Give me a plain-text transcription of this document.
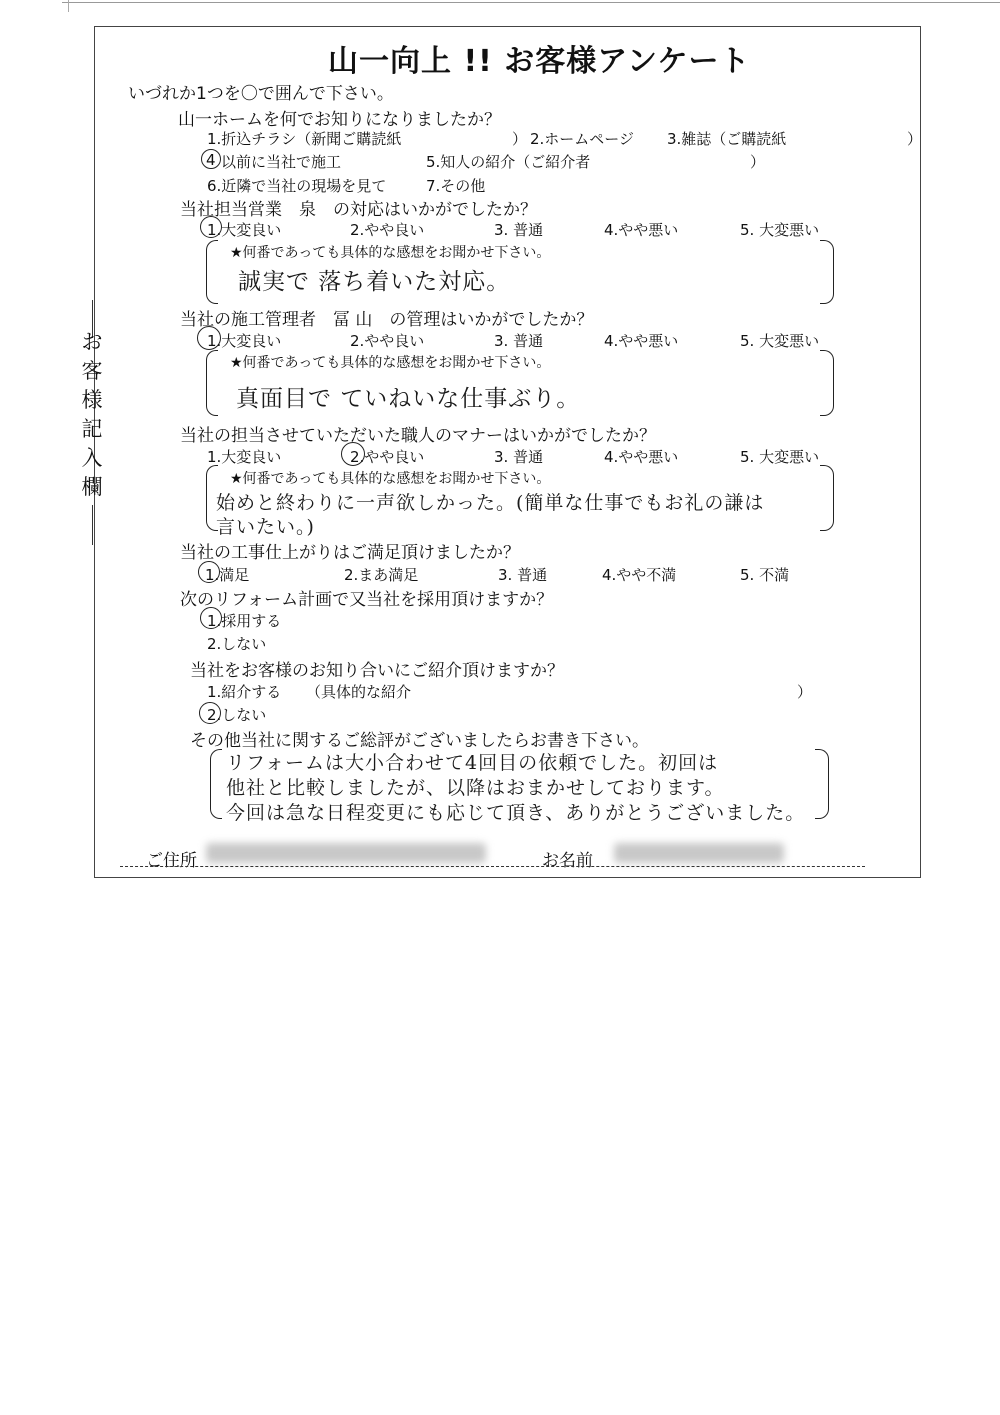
山一向上 !! お客様アンケート
お客様記入欄
いづれか1つを〇で囲んで下さい。
山一ホームを何でお知りになりましたか？
1.折込チラシ（新聞ご購読紙	） 2.ホームページ 3.雑誌（ご購読紙	）
4 以前に当社で施工	5.知人の紹介（ご紹介者	）
6.近隣で当社の現場を見て	7.その他
当社担当営業　泉　の対応はいかがでしたか？
1.大変良い	2.やや良い	3. 普通	4.やや悪い	5. 大変悪い
★何番であっても具体的な感想をお聞かせ下さい。
誠実で 落ち着いた対応。
当社の施工管理者　冨 山　の管理はいかがでしたか？
1.大変良い	2.やや良い	3. 普通	4.やや悪い	5. 大変悪い
★何番であっても具体的な感想をお聞かせ下さい。
真面目で ていねいな仕事ぶり。
当社の担当させていただいた職人のマナーはいかがでしたか？
1.大変良い	2.やや良い	3. 普通	4.やや悪い	5. 大変悪い
★何番であっても具体的な感想をお聞かせ下さい。
始めと終わりに一声欲しかった。(簡単な仕事でもお礼の謙は
言いたい。)
当社の工事仕上がりはご満足頂けましたか？
1.満足	2.まあ満足	3. 普通	4.やや不満	5. 不満
次のリフォーム計画で又当社を採用頂けますか？
1.採用する
2.しない
当社をお客様のお知り合いにご紹介頂けますか？
1.紹介する （具体的な紹介	）
2.しない
その他当社に関するご総評がございましたらお書き下さい。
リフォームは大小合わせて4回目の依頼でした。初回は
他社と比較しましたが、以降はおまかせしております。
今回は急な日程変更にも応じて頂き、ありがとうございました。
ご住所	お名前
